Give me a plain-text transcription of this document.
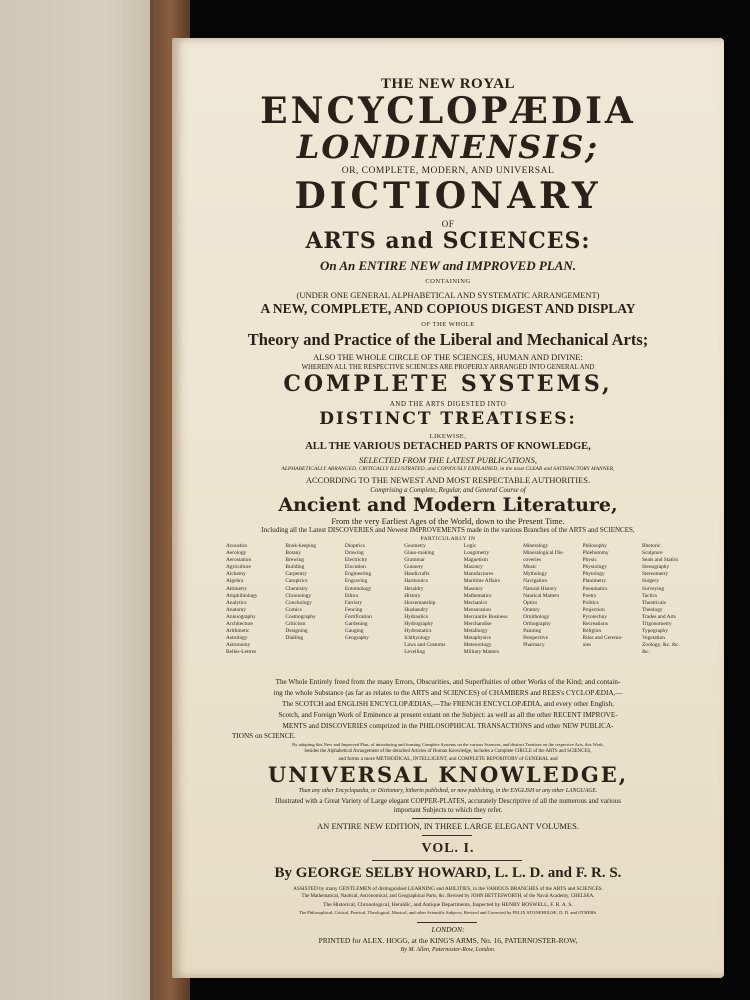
THE NEW ROYAL
ENCYCLOPÆDIA
LONDINENSIS;
OR, COMPLETE, MODERN, AND UNIVERSAL
DICTIONARY
OF
ARTS and SCIENCES:
On An ENTIRE NEW and IMPROVED PLAN.
CONTAINING
(UNDER ONE GENERAL ALPHABETICAL AND SYSTEMATIC ARRANGEMENT)
A NEW, COMPLETE, AND COPIOUS DIGEST AND DISPLAY
OF THE WHOLE
Theory and Practice of the Liberal and Mechanical Arts;
ALSO THE WHOLE CIRCLE OF THE SCIENCES, HUMAN AND DIVINE:
WHEREIN ALL THE RESPECTIVE SCIENCES ARE PROPERLY ARRANGED INTO GENERAL AND
COMPLETE SYSTEMS,
AND THE ARTS DIGESTED INTO
DISTINCT TREATISES:
LIKEWISE,
ALL THE VARIOUS DETACHED PARTS OF KNOWLEDGE,
SELECTED FROM THE LATEST PUBLICATIONS,
ALPHABETICALLY ARRANGED, CRITICALLY ILLUSTRATED, and COPIOUSLY EXPLAINED, in the most CLEAR and SATISFACTORY MANNER,
ACCORDING TO THE NEWEST AND MOST RESPECTABLE AUTHORITIES.
Comprising a Complete, Regular, and General Course of
Ancient and Modern Literature,
From the very Earliest Ages of the World, down to the Present Time.
Including all the Latest DISCOVERIES and Newest IMPROVEMENTS made in the various Branches of the ARTS and SCIENCES,
PARTICULARLY IN
Acoustics
Aerology
Aerostation
Agriculture
Alchemy
Algebra
Altimetry
Amphibiology
Analytics
Anatomy
Annuography
Architecture
Arithmetic
Astrology
Astronomy
Belles-Lettres
Book-keeping
Botany
Brewing
Building
Carpentry
Catoptrics
Chemistry
Chronology
Conchology
Comics
Cosmography
Criticism
Designing
Dialling
Dioptrics
Drawing
Electricity
Elocution
Engineering
Engraving
Entomology
Ethics
Farriery
Fencing
Fortification
Gardening
Gauging
Geography
Geometry
Glass-making
Grammar
Gunnery
Handicrafts
Harmonics
Heraldry
History
Horsemanship
Husbandry
Hydraulics
Hydrography
Hydrostatics
Ichthyology
Laws and Customs
Levelling
Logic
Longimetry
Magnetism
Masonry
Manufactures
Maritime Affairs
Masonry
Mathematics
Mechanics
Mensuration
Mercantile Business
Merchandise
Metallurgy
Metaphysics
Meteorology
Military Matters
Mineralogy
Mineralogical Dis-
coveries
Music
Mythology
Navigation
Natural History
Nautical Matters
Optics
Oratory
Ornithology
Orthography
Painting
Perspective
Pharmacy
Philosophy
Phlebotomy
Physic
Physiology
Phytology
Planimetry
Pneumatics
Poetry
Politics
Projection
Pyrotechny
Recreations
Religion
Rites and Ceremo-
nies
Rhetoric
Sculpture
Seals and Statics
Stenography
Stereometry
Surgery
Surveying
Tactics
Theatricals
Theology
Trades and Arts
Trigonometry
Typography
Vegetation
Zoology, &c. &c.
&c.
The Whole Entirely freed from the many Errors, Obscurities, and Superfluities of other Works of the Kind; and contain-
ing the whole Substance (as far as relates to the ARTS and SCIENCES) of CHAMBERS and REES's CYCLOPÆDIA,—
The SCOTCH and ENGLISH ENCYCLOPÆDIAS,—The FRENCH ENCYCLOPÆDIA, and every other English,
Scotch, and Foreign Work of Eminence at present extant on the Subject: as well as all the other RECENT IMPROVE-
MENTS and DISCOVERIES comprized in the PHILOSOPHICAL TRANSACTIONS and other NEW PUBLICA-
TIONS on SCIENCE.
By adopting this New and Improved Plan, of introducing and forming Complete Systems on the various Sciences, and distinct Treatises on the respective Arts, this Work,
besides the Alphabetical Arrangement of the detached Articles of Human Knowledge, includes a Complete CIRCLE of the ARTS and SCIENCES,
and forms a more METHODICAL, INTELLIGENT, and COMPLETE REPOSITORY of GENERAL and
UNIVERSAL KNOWLEDGE,
Than any other Encyclopædia, or Dictionary, hitherto published, or now publishing, in the ENGLISH or any other LANGUAGE.
Illustrated with a Great Variety of Large elegant COPPER-PLATES, accurately Descriptive of all the numerous and various
important Subjects to which they refer.
AN ENTIRE NEW EDITION, IN THREE LARGE ELEGANT VOLUMES.
VOL. I.
By GEORGE SELBY HOWARD, L. L. D. and F. R. S.
ASSISTED by many GENTLEMEN of distinguished LEARNING and ABILITIES, in the VARIOUS BRANCHES of the ARTS and SCIENCES.
The Mathematical, Nautical, Astronomical, and Geographical Parts, &c. Revised by JOHN BETTESWORTH, of the Naval Academy, CHELSEA.
The Historical, Chronological, Heraldic, and Antique Departments, Inspected by HENRY BOSWELL, F. R. A. S.
The Philosophical, Critical, Poetical, Theological, Musical, and other Scientific Subjects, Revised and Corrected by FELIX STONEHOUSE, D. D. and OTHERS.
LONDON:
PRINTED for ALEX. HOGG, at the KING'S ARMS, No. 16, PATERNOSTER-ROW,
By M. Allen, Paternoster-Row, London.
